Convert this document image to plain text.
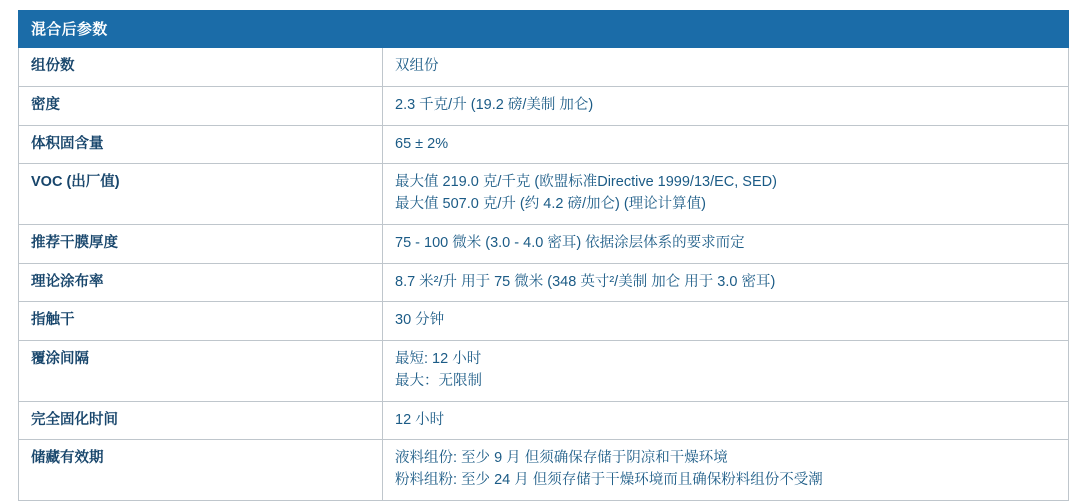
混合后参数	
组份数	双组份

密度	2.3 千克/升 (19.2 磅/美制 加仑)

体积固含量	65 ± 2%

VOC (出厂值)	最大值 219.0 克/千克 (欧盟标准Directive 1999/13/EC, SED)
最大值 507.0 克/升 (约 4.2 磅/加仑) (理论计算值)

推荐干膜厚度	75 - 100 微米 (3.0 - 4.0 密耳) 依据涂层体系的要求而定

理论涂布率	8.7 米²/升 用于 75 微米 (348 英寸²/美制 加仑 用于 3.0 密耳)

指触干	30 分钟

覆涂间隔	最短: 12 小时
最大：无限制

完全固化时间	12 小时

储藏有效期	液料组份: 至少 9 月 但须确保存储于阴凉和干燥环境
粉料组粉: 至少 24 月 但须存储于干燥环境而且确保粉料组份不受潮
